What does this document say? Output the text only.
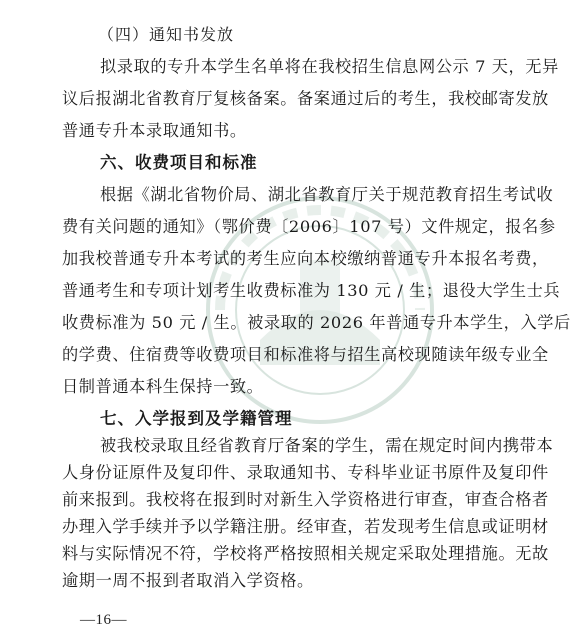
（四）通知书发放
拟录取的专升本学生名单将在我校招生信息网公示 7 天，无异
议后报湖北省教育厅复核备案。备案通过后的考生，我校邮寄发放
普通专升本录取通知书。
六、收费项目和标准
根据《湖北省物价局、湖北省教育厅关于规范教育招生考试收
费有关问题的通知》（鄂价费〔2006〕107 号）文件规定，报名参
加我校普通专升本考试的考生应向本校缴纳普通专升本报名考费，
普通考生和专项计划考生收费标准为 130 元 / 生；退役大学生士兵
收费标准为 50 元 / 生。被录取的 2026 年普通专升本学生，入学后
的学费、住宿费等收费项目和标准将与招生高校现随读年级专业全
日制普通本科生保持一致。
七、入学报到及学籍管理
被我校录取且经省教育厅备案的学生，需在规定时间内携带本
人身份证原件及复印件、录取通知书、专科毕业证书原件及复印件
前来报到。我校将在报到时对新生入学资格进行审查，审查合格者
办理入学手续并予以学籍注册。经审查，若发现考生信息或证明材
料与实际情况不符，学校将严格按照相关规定采取处理措施。无故
—16—
逾期一周不报到者取消入学资格。
